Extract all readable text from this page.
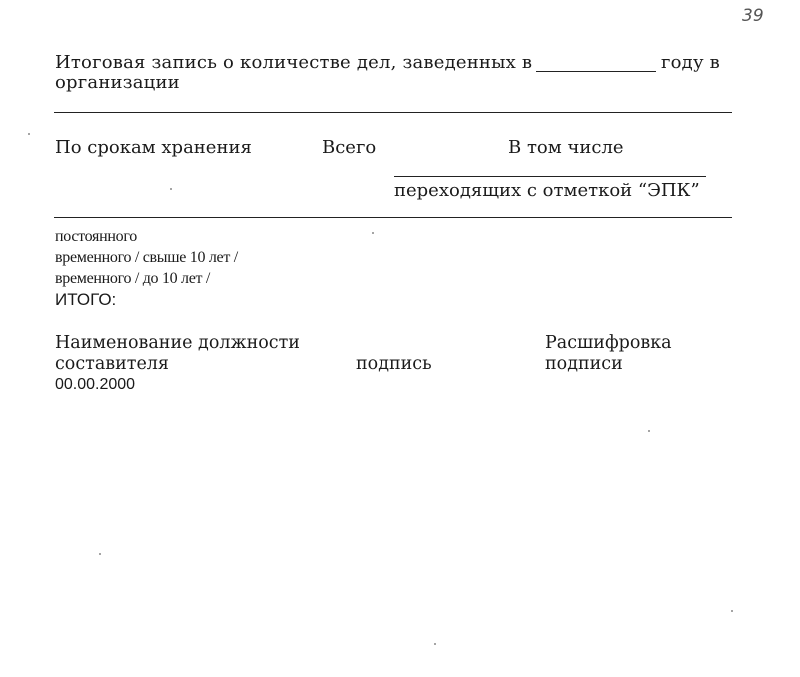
39
Итоговая запись о количестве дел, заведенных в	году в
организации
По срокам хранения	Всего	В том числе
переходящих с отметкой “ЭПК”
постоянного
временного / свыше 10 лет /
временного / до 10 лет /
ИТОГО:
Наименование должности
составителя	подпись
Расшифровка
подписи
00.00.2000
